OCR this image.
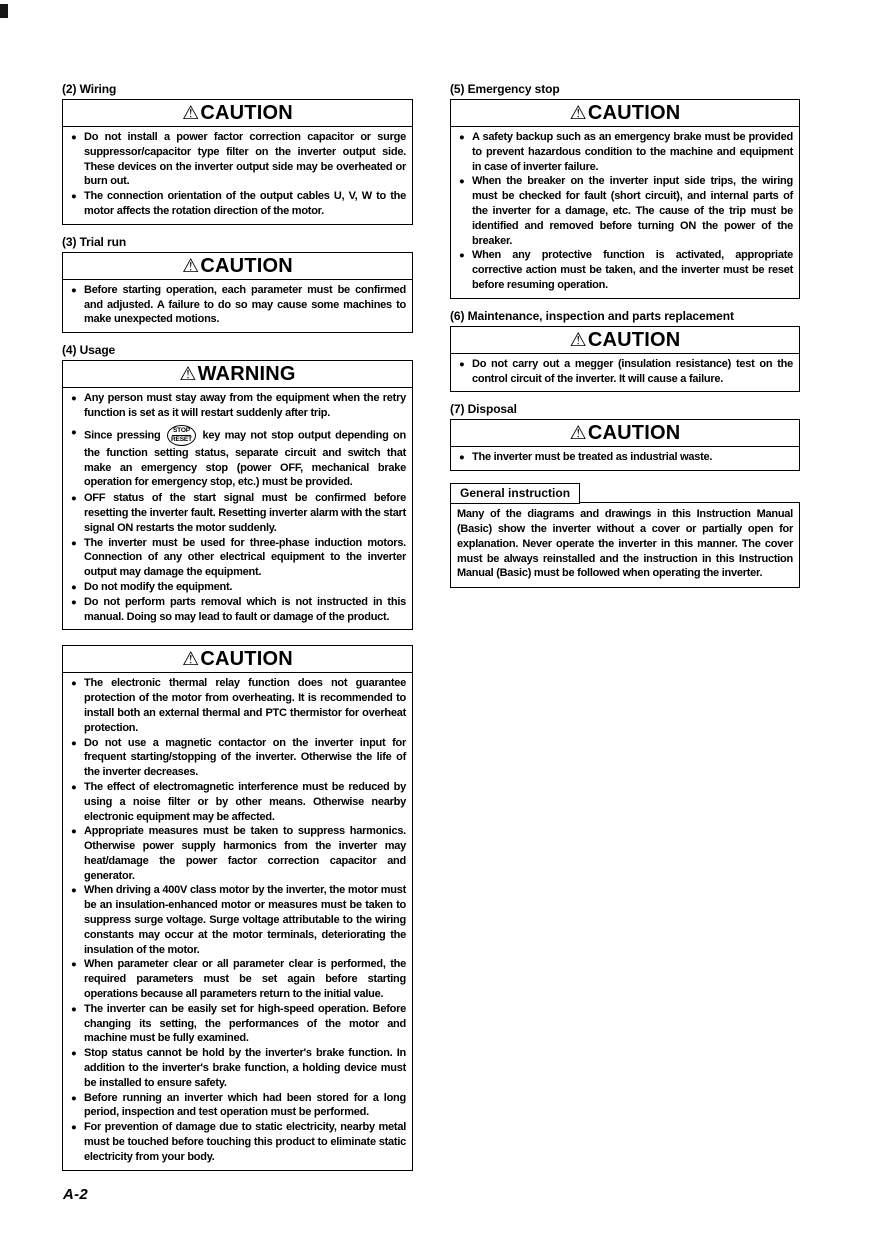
(2) Wiring
⚠CAUTION
● Do not install a power factor correction capacitor or surge suppressor/capacitor type filter on the inverter output side. These devices on the inverter output side may be overheated or burn out.
● The connection orientation of the output cables U, V, W to the motor affects the rotation direction of the motor.
(3) Trial run
⚠CAUTION
● Before starting operation, each parameter must be confirmed and adjusted. A failure to do so may cause some machines to make unexpected motions.
(4) Usage
⚠WARNING
● Any person must stay away from the equipment when the retry function is set as it will restart suddenly after trip.
● Since pressing STOP
RESET key may not stop output depending on the function setting status, separate circuit and switch that make an emergency stop (power OFF, mechanical brake operation for emergency stop, etc.) must be provided.
● OFF status of the start signal must be confirmed before resetting the inverter fault. Resetting inverter alarm with the start signal ON restarts the motor suddenly.
● The inverter must be used for three-phase induction motors. Connection of any other electrical equipment to the inverter output may damage the equipment.
● Do not modify the equipment.
● Do not perform parts removal which is not instructed in this manual. Doing so may lead to fault or damage of the product.
⚠CAUTION
● The electronic thermal relay function does not guarantee protection of the motor from overheating. It is recommended to install both an external thermal and PTC thermistor for overheat protection.
● Do not use a magnetic contactor on the inverter input for frequent starting/stopping of the inverter. Otherwise the life of the inverter decreases.
● The effect of electromagnetic interference must be reduced by using a noise filter or by other means. Otherwise nearby electronic equipment may be affected.
● Appropriate measures must be taken to suppress harmonics. Otherwise power supply harmonics from the inverter may heat/damage the power factor correction capacitor and generator.
● When driving a 400V class motor by the inverter, the motor must be an insulation-enhanced motor or measures must be taken to suppress surge voltage. Surge voltage attributable to the wiring constants may occur at the motor terminals, deteriorating the insulation of the motor.
● When parameter clear or all parameter clear is performed, the required parameters must be set again before starting operations because all parameters return to the initial value.
● The inverter can be easily set for high-speed operation. Before changing its setting, the performances of the motor and machine must be fully examined.
● Stop status cannot be hold by the inverter's brake function. In addition to the inverter's brake function, a holding device must be installed to ensure safety.
● Before running an inverter which had been stored for a long period, inspection and test operation must be performed.
● For prevention of damage due to static electricity, nearby metal must be touched before touching this product to eliminate static electricity from your body.
(5) Emergency stop
⚠CAUTION
● A safety backup such as an emergency brake must be provided to prevent hazardous condition to the machine and equipment in case of inverter failure.
● When the breaker on the inverter input side trips, the wiring must be checked for fault (short circuit), and internal parts of the inverter for a damage, etc. The cause of the trip must be identified and removed before turning ON the power of the breaker.
● When any protective function is activated, appropriate corrective action must be taken, and the inverter must be reset before resuming operation.
(6) Maintenance, inspection and parts replacement
⚠CAUTION
● Do not carry out a megger (insulation resistance) test on the control circuit of the inverter. It will cause a failure.
(7) Disposal
⚠CAUTION
● The inverter must be treated as industrial waste.
General instruction
Many of the diagrams and drawings in this Instruction Manual (Basic) show the inverter without a cover or partially open for explanation. Never operate the inverter in this manner. The cover must be always reinstalled and the instruction in this Instruction Manual (Basic) must be followed when operating the inverter.
A-2
